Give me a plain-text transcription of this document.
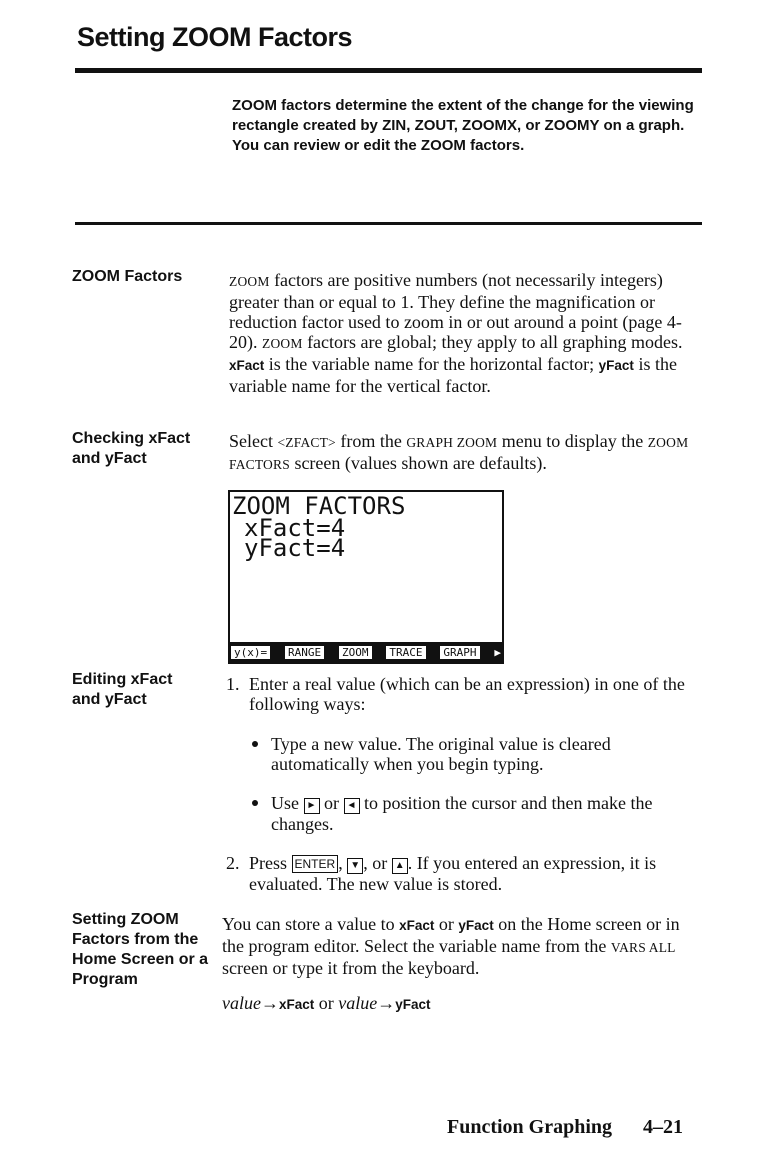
Setting ZOOM Factors
ZOOM factors determine the extent of the change for the viewing rectangle created by ZIN, ZOUT, ZOOMX, or ZOOMY on a graph. You can review or edit the ZOOM factors.
ZOOM Factors	ZOOM factors are positive numbers (not necessarily integers) greater than or equal to 1. They define the magnification or reduction factor used to zoom in or out around a point (page 4-20). ZOOM factors are global; they apply to all graphing modes. xFact is the variable name for the horizontal factor; yFact is the variable name for the vertical factor.
Checking xFact
and yFact
Select <ZFACT> from the GRAPH ZOOM menu to display the ZOOM FACTORS screen (values shown are defaults).
ZOOM FACTORS
xFact=4
yFact=4
y(x)= RANGE ZOOM TRACE GRAPH ▶
Editing xFact
and yFact
1. Enter a real value (which can be an expression) in one of the following ways:
Type a new value. The original value is cleared automatically when you begin typing.
Use ► or ◄ to position the cursor and then make the changes.
2. Press ENTER , ▼ , or ▲ . If you entered an expression, it is evaluated. The new value is stored.
Setting ZOOM
Factors from the
Home Screen or a
Program
You can store a value to xFact or yFact on the Home screen or in the program editor. Select the variable name from the VARS ALL screen or type it from the keyboard.
value→xFact or value→yFact
Function Graphing 4–21
